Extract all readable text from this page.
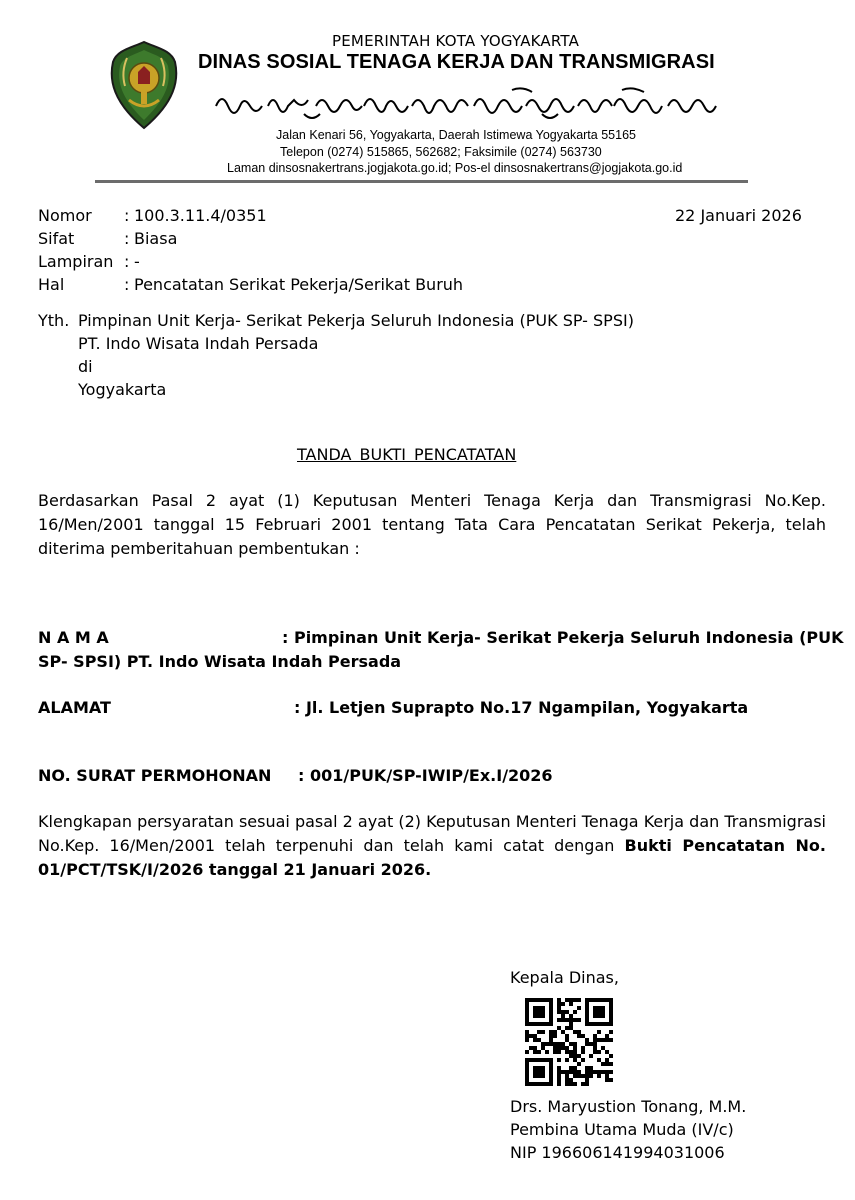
PEMERINTAH KOTA YOGYAKARTA
DINAS SOSIAL TENAGA KERJA DAN TRANSMIGRASI
Jalan Kenari 56, Yogyakarta, Daerah Istimewa Yogyakarta 55165
Telepon (0274) 515865, 562682; Faksimile (0274) 563730
Laman dinsosnakertrans.jogjakota.go.id; Pos-el dinsosnakertrans@jogjakota.go.id
Nomor : 100.3.11.4/0351	22 Januari 2026
Sifat	: Biasa
Lampiran : -
Hal	: Pencatatan Serikat Pekerja/Serikat Buruh
Yth. Pimpinan Unit Kerja- Serikat Pekerja Seluruh Indonesia (PUK SP- SPSI)
PT. Indo Wisata Indah Persada
di
Yogyakarta
TANDA BUKTI PENCATATAN
Berdasarkan Pasal 2 ayat (1) Keputusan Menteri Tenaga Kerja dan Transmigrasi No.Kep. 16/Men/2001 tanggal 15 Februari 2001 tentang Tata Cara Pencatatan Serikat Pekerja, telah diterima pemberitahuan pembentukan :
N A M A	: Pimpinan Unit Kerja- Serikat Pekerja Seluruh Indonesia (PUK
SP- SPSI) PT. Indo Wisata Indah Persada
ALAMAT	: Jl. Letjen Suprapto No.17 Ngampilan, Yogyakarta
NO. SURAT PERMOHONAN : 001/PUK/SP-IWIP/Ex.I/2026
Klengkapan persyaratan sesuai pasal 2 ayat (2) Keputusan Menteri Tenaga Kerja dan Transmigrasi No.Kep. 16/Men/2001 telah terpenuhi dan telah kami catat dengan Bukti Pencatatan No. 01/PCT/TSK/I/2026 tanggal 21 Januari 2026.
Kepala Dinas,
Drs. Maryustion Tonang, M.M.
Pembina Utama Muda (IV/c)
NIP 196606141994031006
